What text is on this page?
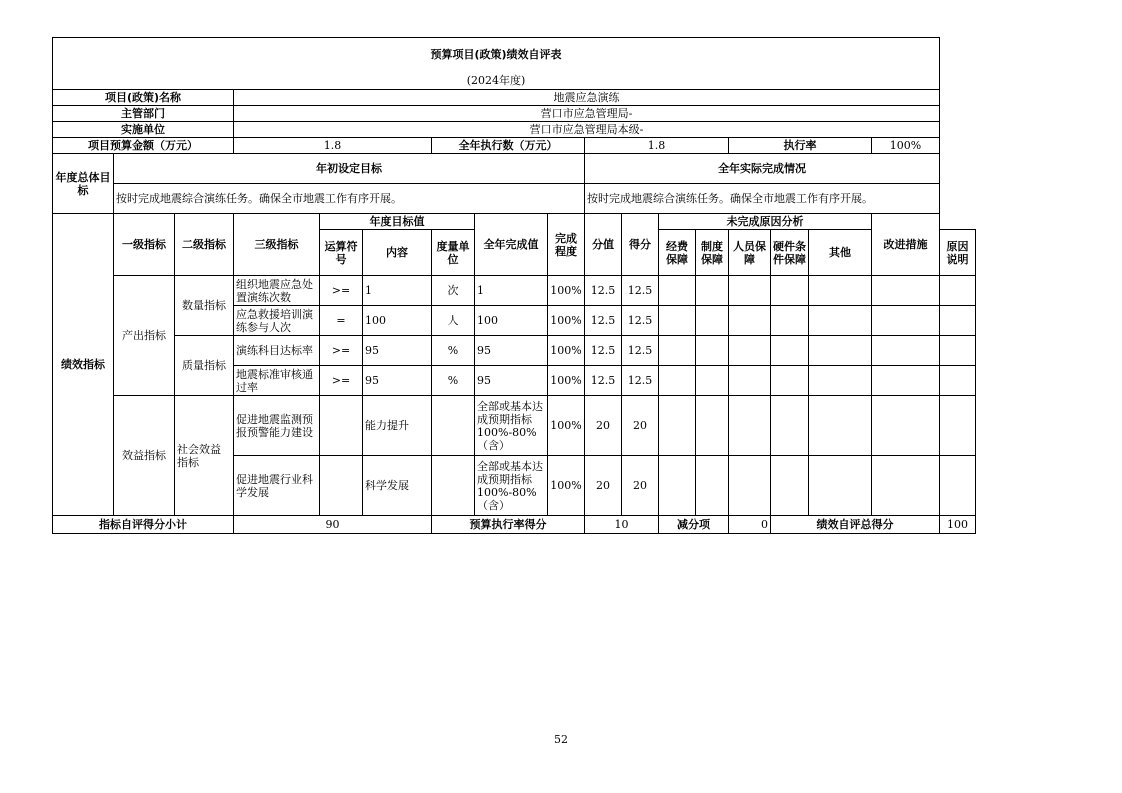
预算项目(政策)绩效自评表																	
(2024年度)																	
项目(政策)名称			地震应急演练														
主管部门			营口市应急管理局-														
实施单位			营口市应急管理局本级-														
项目预算金额（万元）			1.8			全年执行数（万元）			1.8				执行率			100%	
年度总体目标	年初设定目标								全年实际完成情况								
	按时完成地震综合演练任务。确保全市地震工作有序开展。								按时完成地震综合演练任务。确保全市地震工作有序开展。								
绩效指标	一级指标	二级指标	三级指标	年度目标值			全年完成值	完成程度	分值	得分	未完成原因分析					改进措施	
				运算符号	内容	度量单位					经费保障	制度保障	人员保障	硬件条件保障	其他		原因说明

	产出指标	数量指标	组织地震应急处置演练次数	>=	1	次	1	100%	12.5	12.5							
			应急救援培训演练参与人次	=	100	人	100	100%	12.5	12.5							
		质量指标	演练科目达标率	>=	95	%	95	100%	12.5	12.5							
			地震标准审核通过率	>=	95	%	95	100%	12.5	12.5							
	效益指标	社会效益指标	促进地震监测预报预警能力建设		能力提升		全部或基本达成预期指标100%-80%（含）	100%	20	20							
			促进地震行业科学发展		科学发展		全部或基本达成预期指标100%-80%（含）	100%	20	20							
指标自评得分小计			90			预算执行率得分			10		减分项		0	绩效自评总得分			100
52
